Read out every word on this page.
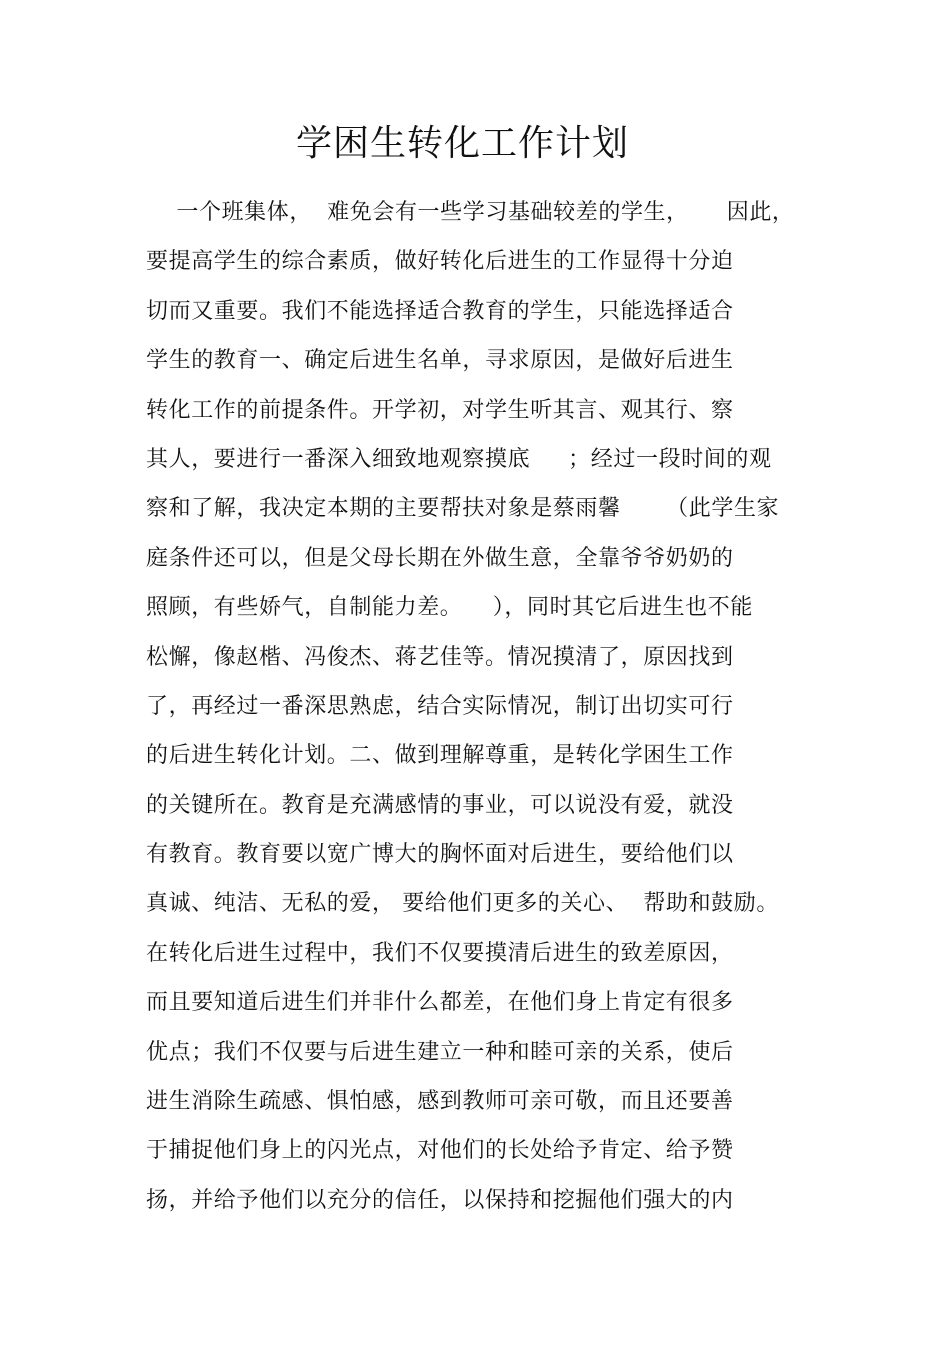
学困生转化工作计划
一个班集体，  难免会有一些学习基础较差的学生，     因此，
要提高学生的综合素质，做好转化后进生的工作显得十分迫
切而又重要。我们不能选择适合教育的学生，只能选择适合
学生的教育一、确定后进生名单，寻求原因，是做好后进生
转化工作的前提条件。开学初，对学生听其言、观其行、察
其人，要进行一番深入细致地观察摸底     ；经过一段时间的观
察和了解，我决定本期的主要帮扶对象是蔡雨馨      （此学生家
庭条件还可以，但是父母长期在外做生意，全靠爷爷奶奶的
照顾，有些娇气，自制能力差。    ），同时其它后进生也不能
松懈，像赵楷、冯俊杰、蒋艺佳等。情况摸清了，原因找到
了，再经过一番深思熟虑，结合实际情况，制订出切实可行
的后进生转化计划。二、做到理解尊重，是转化学困生工作
的关键所在。教育是充满感情的事业，可以说没有爱，就没
有教育。教育要以宽广博大的胸怀面对后进生，要给他们以
真诚、纯洁、无私的爱， 要给他们更多的关心、  帮助和鼓励。
在转化后进生过程中，我们不仅要摸清后进生的致差原因，
而且要知道后进生们并非什么都差，在他们身上肯定有很多
优点；我们不仅要与后进生建立一种和睦可亲的关系，使后
进生消除生疏感、惧怕感，感到教师可亲可敬，而且还要善
于捕捉他们身上的闪光点，对他们的长处给予肯定、给予赞
扬，并给予他们以充分的信任，以保持和挖掘他们强大的内
